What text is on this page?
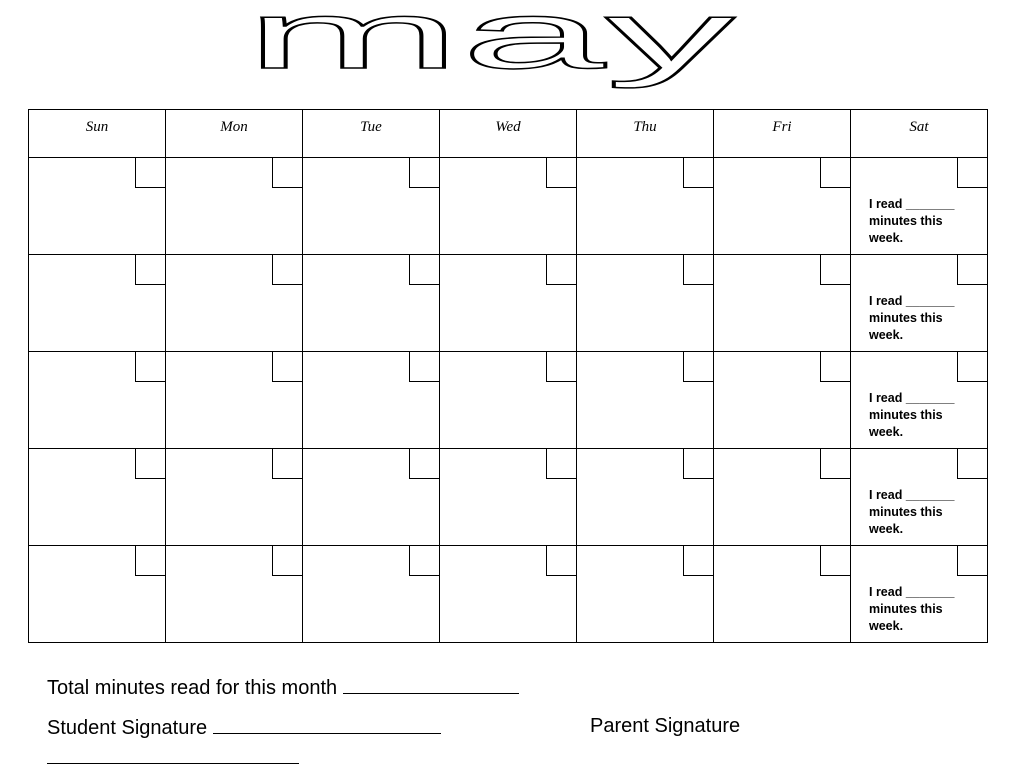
may
Sun	Mon	Tue	Wed	Thu	Fri	Sat

						I read _______
minutes this
week.

						I read _______
minutes this
week.

						I read _______
minutes this
week.

						I read _______
minutes this
week.

						I read _______
minutes this
week.
Total minutes read for this month
Student Signature	Parent Signature
